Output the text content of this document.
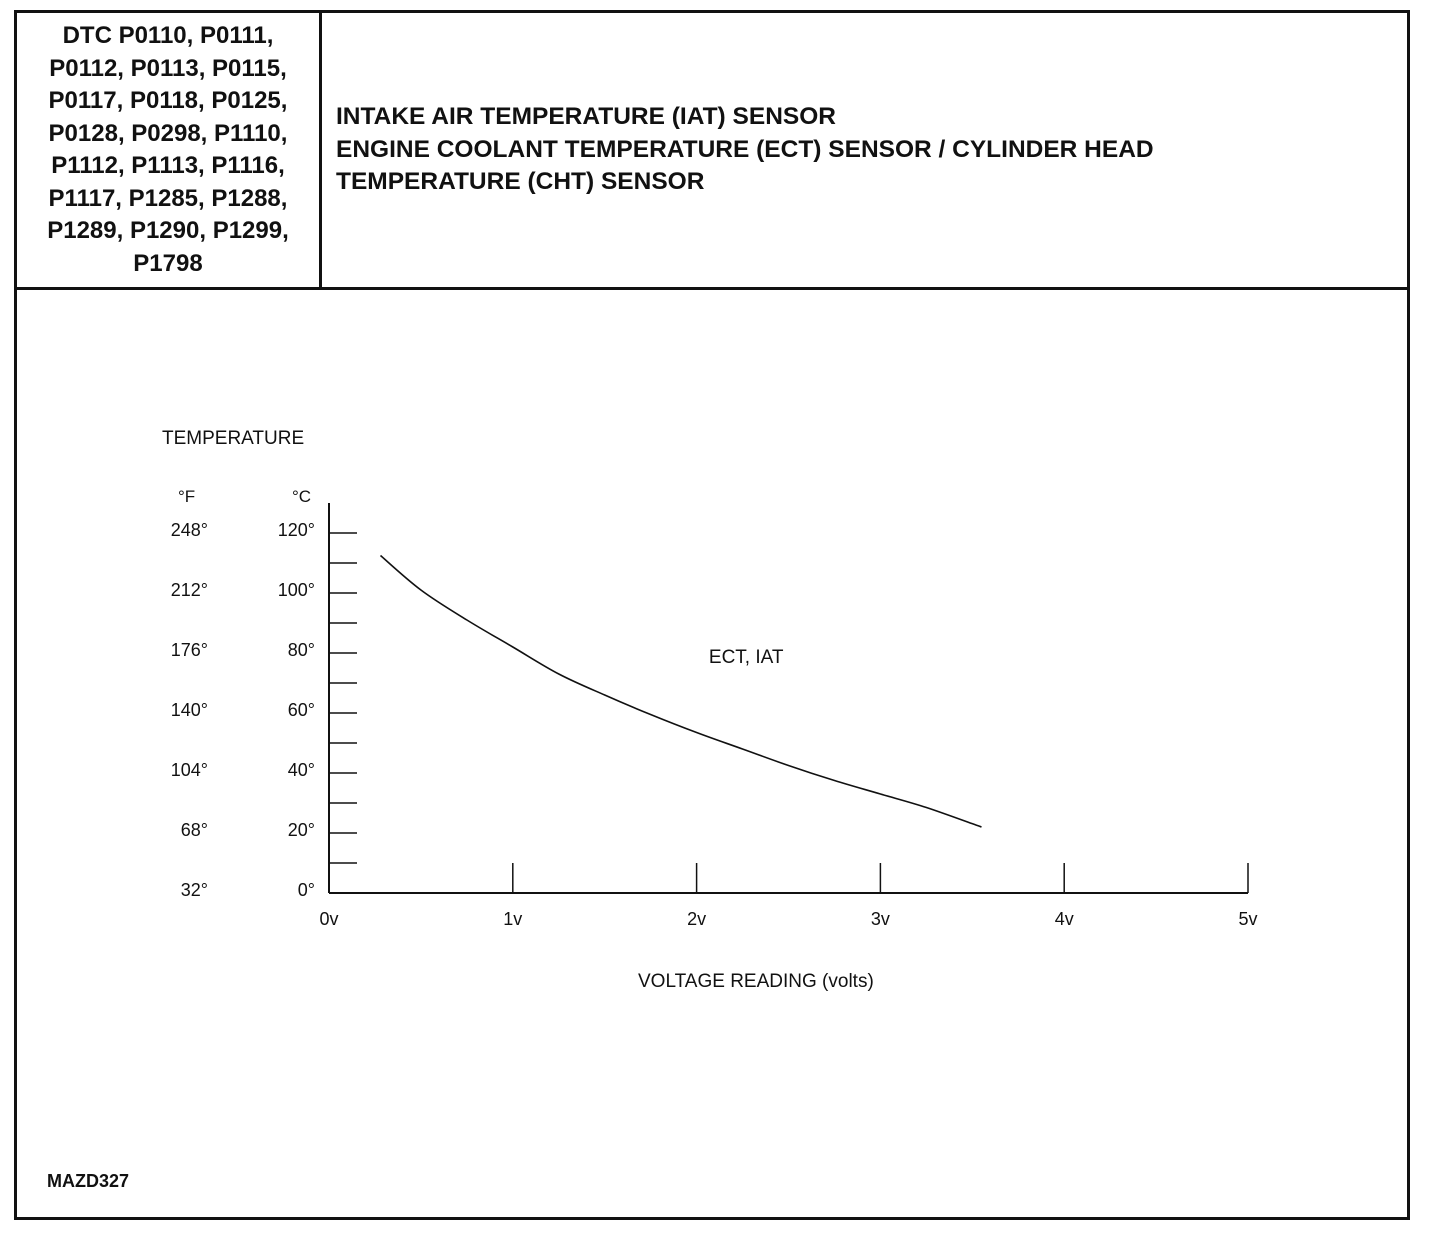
DTC P0110, P0111, P0112, P0113, P0115, P0117, P0118, P0125, P0128, P0298, P1110, P1112, P1113, P1116, P1117, P1285, P1288, P1289, P1290, P1299, P1798
INTAKE AIR TEMPERATURE (IAT) SENSOR
ENGINE COOLANT TEMPERATURE (ECT) SENSOR / CYLINDER HEAD
TEMPERATURE (CHT) SENSOR
MAZD327
TEMPERATURE
°F	°C
VOLTAGE READING (volts)
0v	1v	2v	3v	4v	5v
0°
32°
20°
68°
40°
104°
60°
140°
80°
176°
100°
212°
120°
248°
ECT, IAT
